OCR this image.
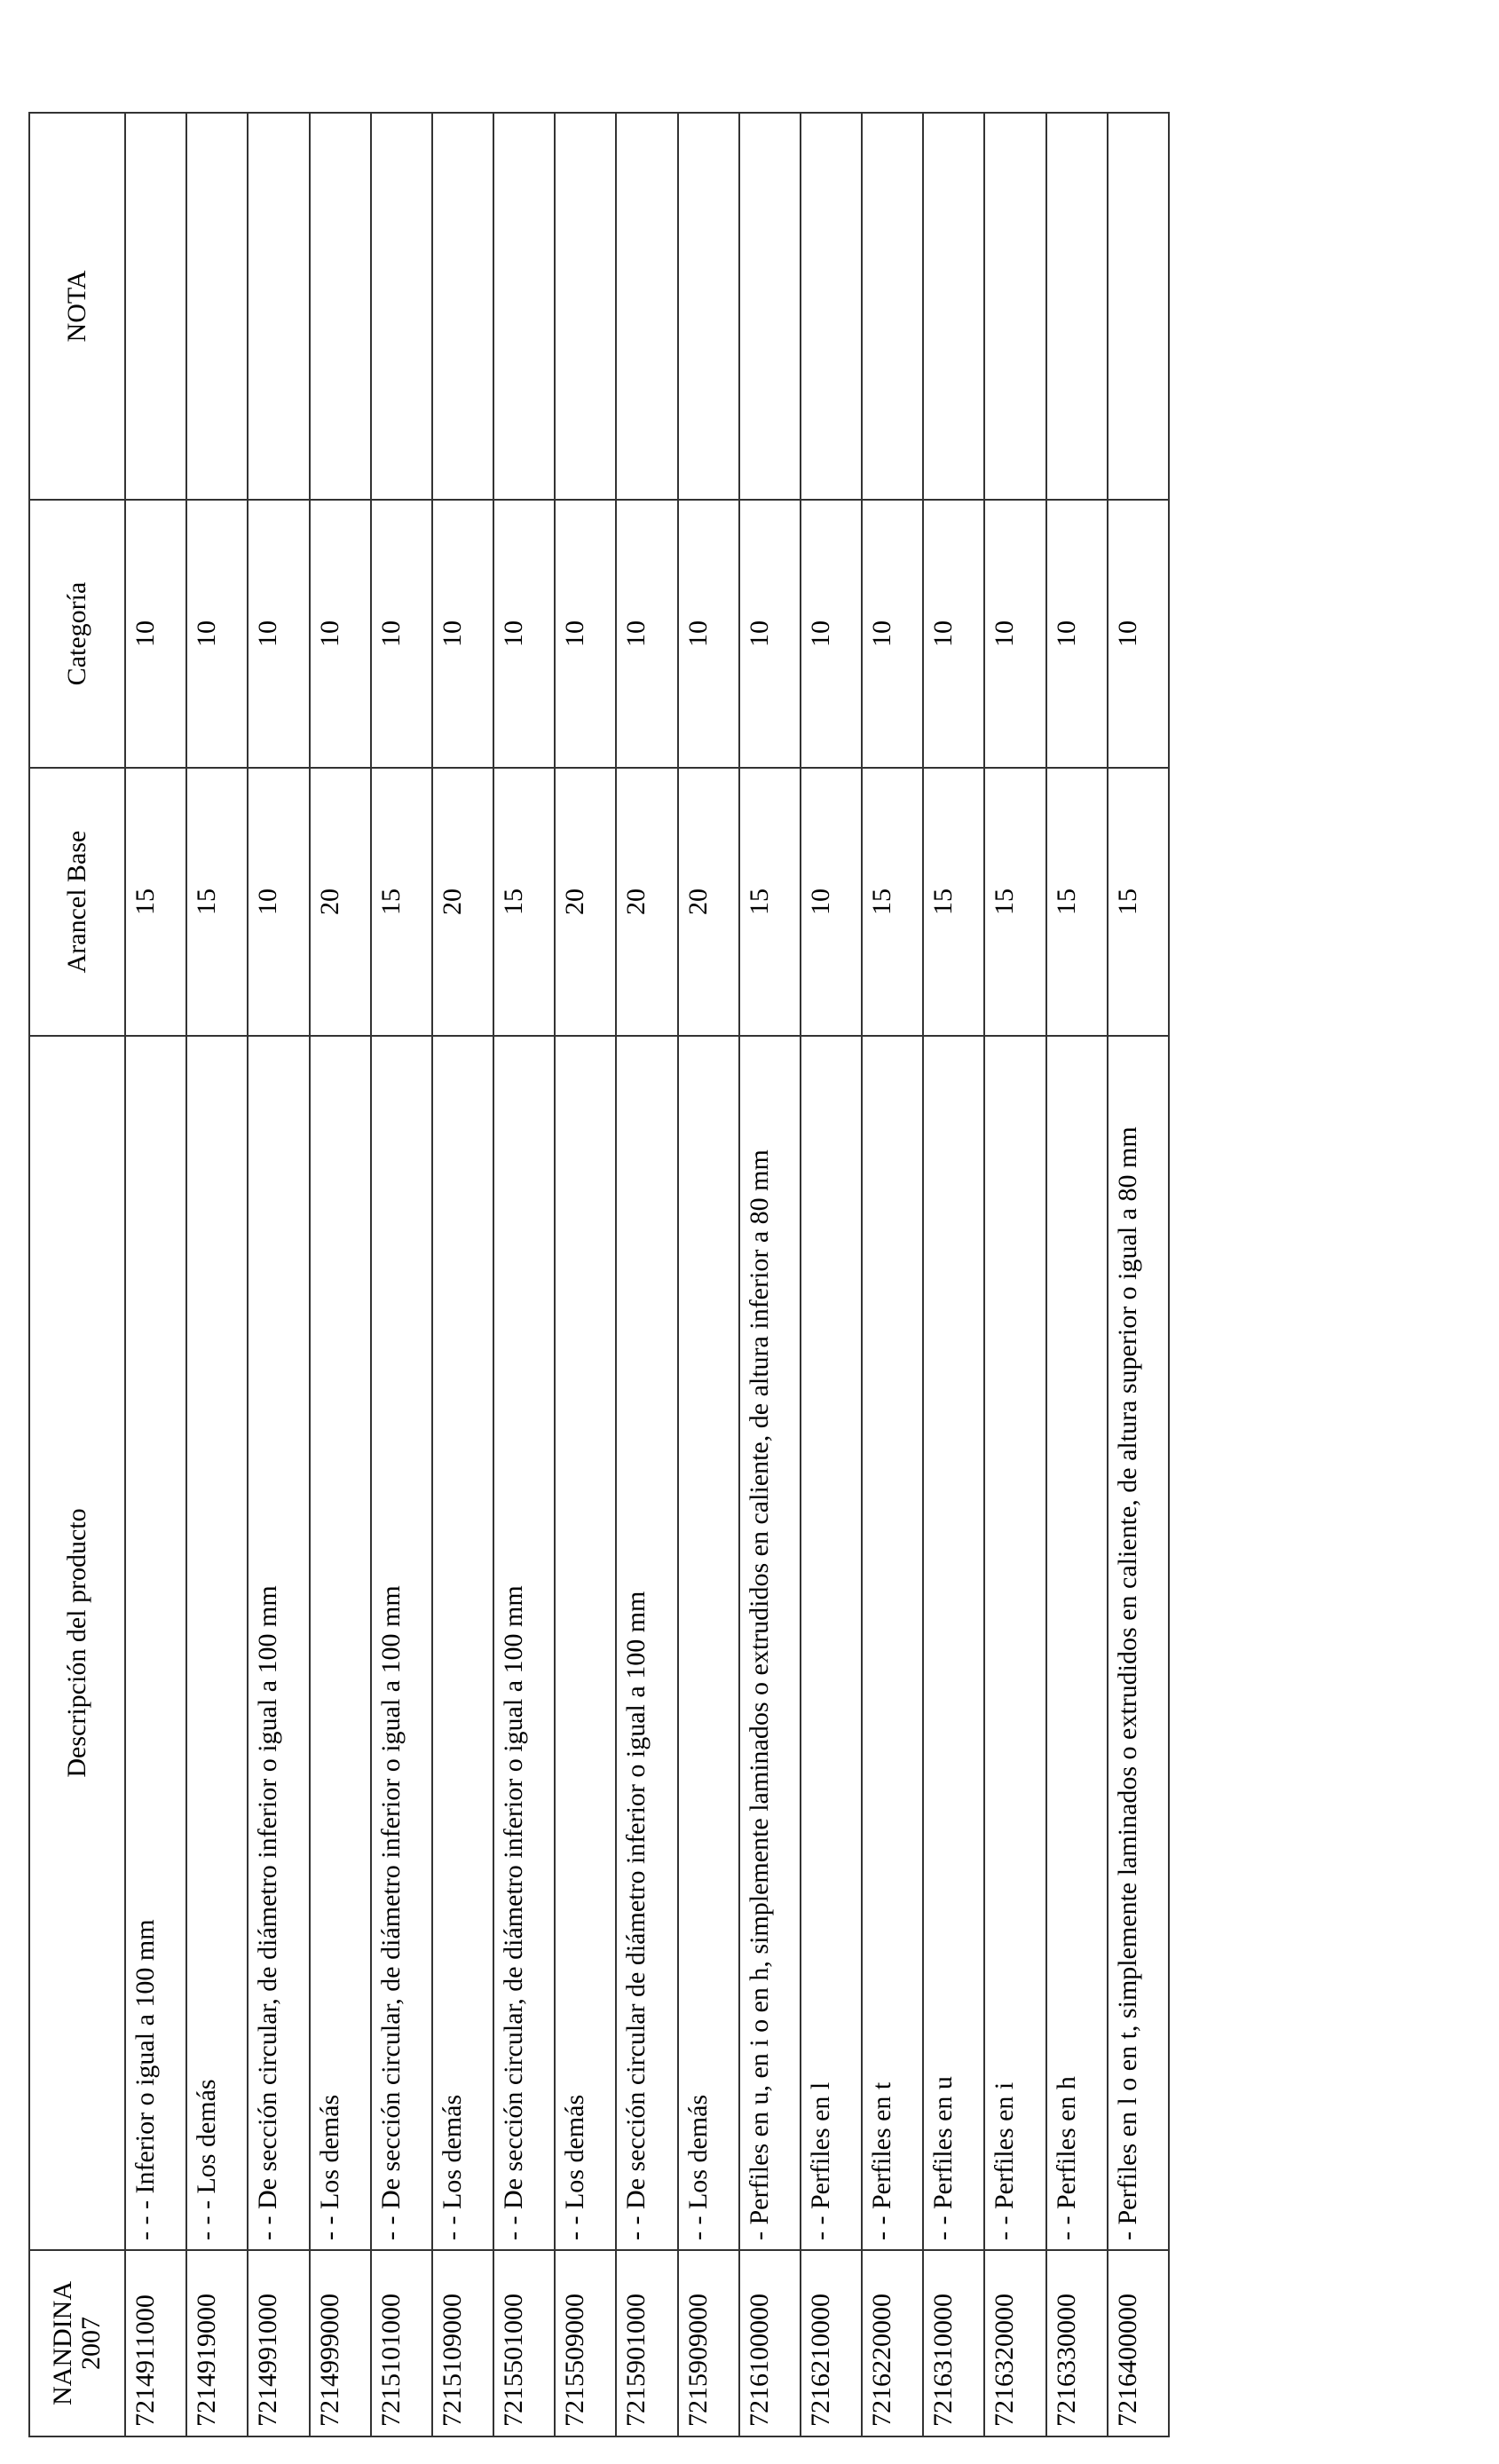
NANDINA 2007	Descripción del producto	Arancel Base	Categoría	NOTA
7214911000	- - - Inferior o igual a 100 mm	15	10	
7214919000	- - - Los demás	15	10	
7214991000	- - De sección circular, de diámetro inferior o igual a 100 mm	10	10	
7214999000	- - Los demás	20	10	
7215101000	- - De sección circular, de diámetro inferior o igual a 100 mm	15	10	
7215109000	- - Los demás	20	10	
7215501000	- - De sección circular, de diámetro inferior o igual a 100 mm	15	10	
7215509000	- - Los demás	20	10	
7215901000	- - De sección circular de diámetro inferior o igual a 100 mm	20	10	
7215909000	- - Los demás	20	10	
7216100000	- Perfiles en u, en i o en h, simplemente laminados o extrudidos en caliente, de altura inferior a 80 mm	15	10	
7216210000	- - Perfiles en l	10	10	
7216220000	- - Perfiles en t	15	10	
7216310000	- - Perfiles en u	15	10	
7216320000	- - Perfiles en i	15	10	
7216330000	- - Perfiles en h	15	10	
7216400000	- Perfiles en l o en t, simplemente laminados o extrudidos en caliente, de altura superior o igual a 80 mm	15	10	
